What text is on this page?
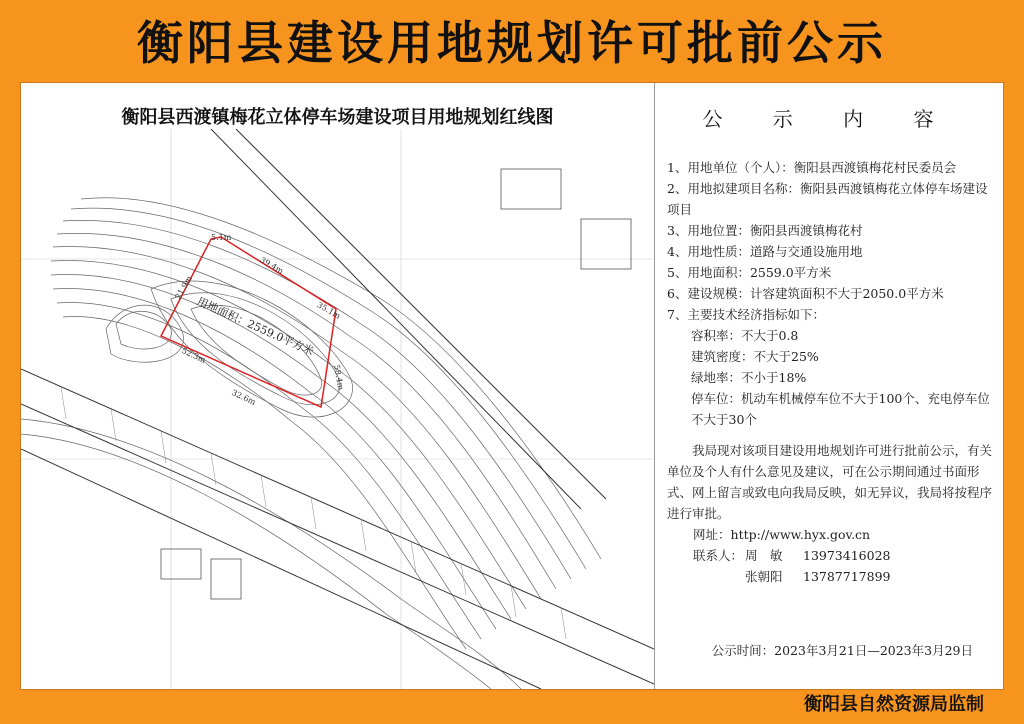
衡阳县建设用地规划许可批前公示
衡阳县西渡镇梅花立体停车场建设项目用地规划红线图
用地面积：2559.0平方米
5.1m
39.4m
35.1m
58.4m
32.6m
52.3m
21.9m
公 示 内 容

1、用地单位（个人）：衡阳县西渡镇梅花村民委员会

2、用地拟建项目名称：衡阳县西渡镇梅花立体停车场建设项目

3、用地位置：衡阳县西渡镇梅花村

4、用地性质：道路与交通设施用地

5、用地面积：2559.0平方米

6、建设规模：计容建筑面积不大于2050.0平方米

7、主要技术经济指标如下：

容积率：不大于0.8

建筑密度：不大于25%

绿地率：不小于18%

停车位：机动车机械停车位不大于100个、充电停车位不大于30个

我局现对该项目建设用地规划许可进行批前公示，有关单位及个人有什么意见及建议，可在公示期间通过书面形式、网上留言或致电向我局反映，如无异议，我局将按程序进行审批。

网址：http://www.hyx.gov.cn

联系人： 周　敏 13973416028

张朝阳 13787717899

公示时间：2023年3月21日—2023年3月29日
衡阳县自然资源局监制
